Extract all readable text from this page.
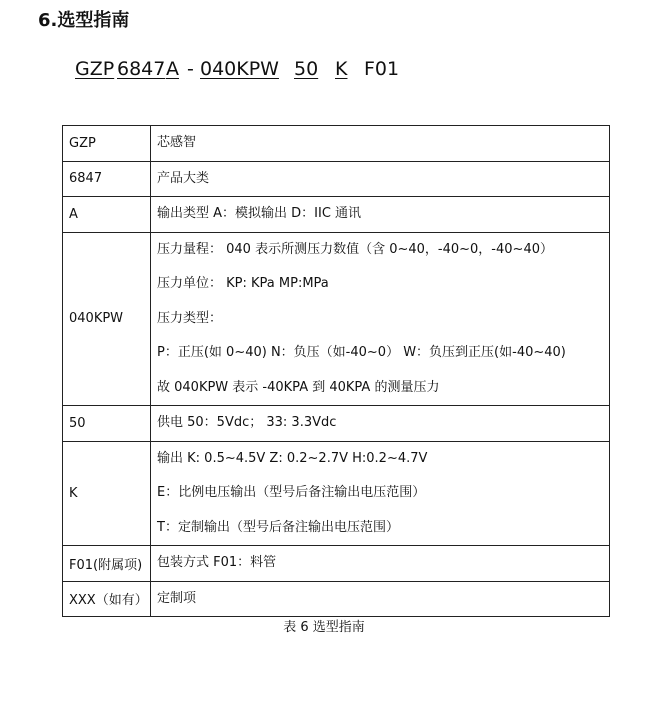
6.选型指南
GZP 6847 A - 040KPW 50 K F01
GZP	芯感智

6847	产品大类

A	输出类型 A：模拟输出 D：IIC 通讯

040KPW	压力量程： 040 表示所测压力数值（含 0~40，-40~0，-40~40）
压力单位： KP: KPa MP:MPa
压力类型：
P：正压(如 0~40) N：负压（如-40~0） W：负压到正压(如-40~40)
故 040KPW 表示 -40KPA 到 40KPA 的测量压力

50	供电 50：5Vdc； 33: 3.3Vdc

K	输出 K: 0.5~4.5V Z: 0.2~2.7V H:0.2~4.7V
E：比例电压输出（型号后备注输出电压范围）
T：定制输出（型号后备注输出电压范围）

F01(附属项)	包装方式 F01：料管

XXX（如有）	定制项
表 6 选型指南
